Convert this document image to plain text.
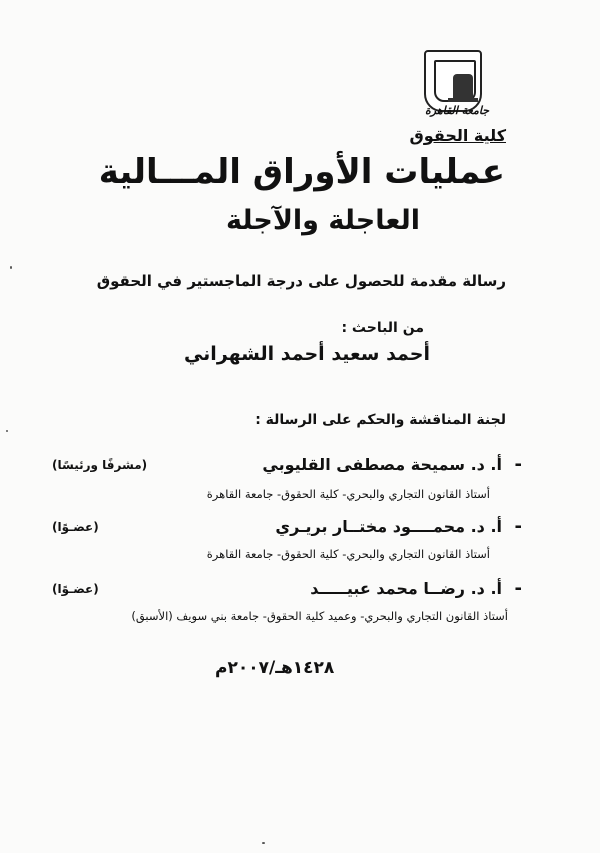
جامعة القاهرة
كلية الحقوق
عمليات الأوراق المـــالية
العاجلة والآجلة
رسالة مقدمة للحصول على درجة الماجستير في الحقوق
من الباحث :
أحمد سعيد أحمد الشهراني
لجنة المناقشة والحكم على الرسالة :
-
أ. د. سميحة مصطفى القليوبي
(مشرفًا ورئيسًا)
أستاذ القانون التجاري والبحري- كلية الحقوق- جامعة القاهرة
-
أ. د. محمــــود مختــار بريـري
(عضـوًا)
أستاذ القانون التجاري والبحري- كلية الحقوق- جامعة القاهرة
-
أ. د. رضــا محمد عبيـــــد
(عضـوًا)
أستاذ القانون التجاري والبحري- وعميد كلية الحقوق- جامعة بني سويف (الأسبق)
١٤٢٨هـ/٢٠٠٧م
